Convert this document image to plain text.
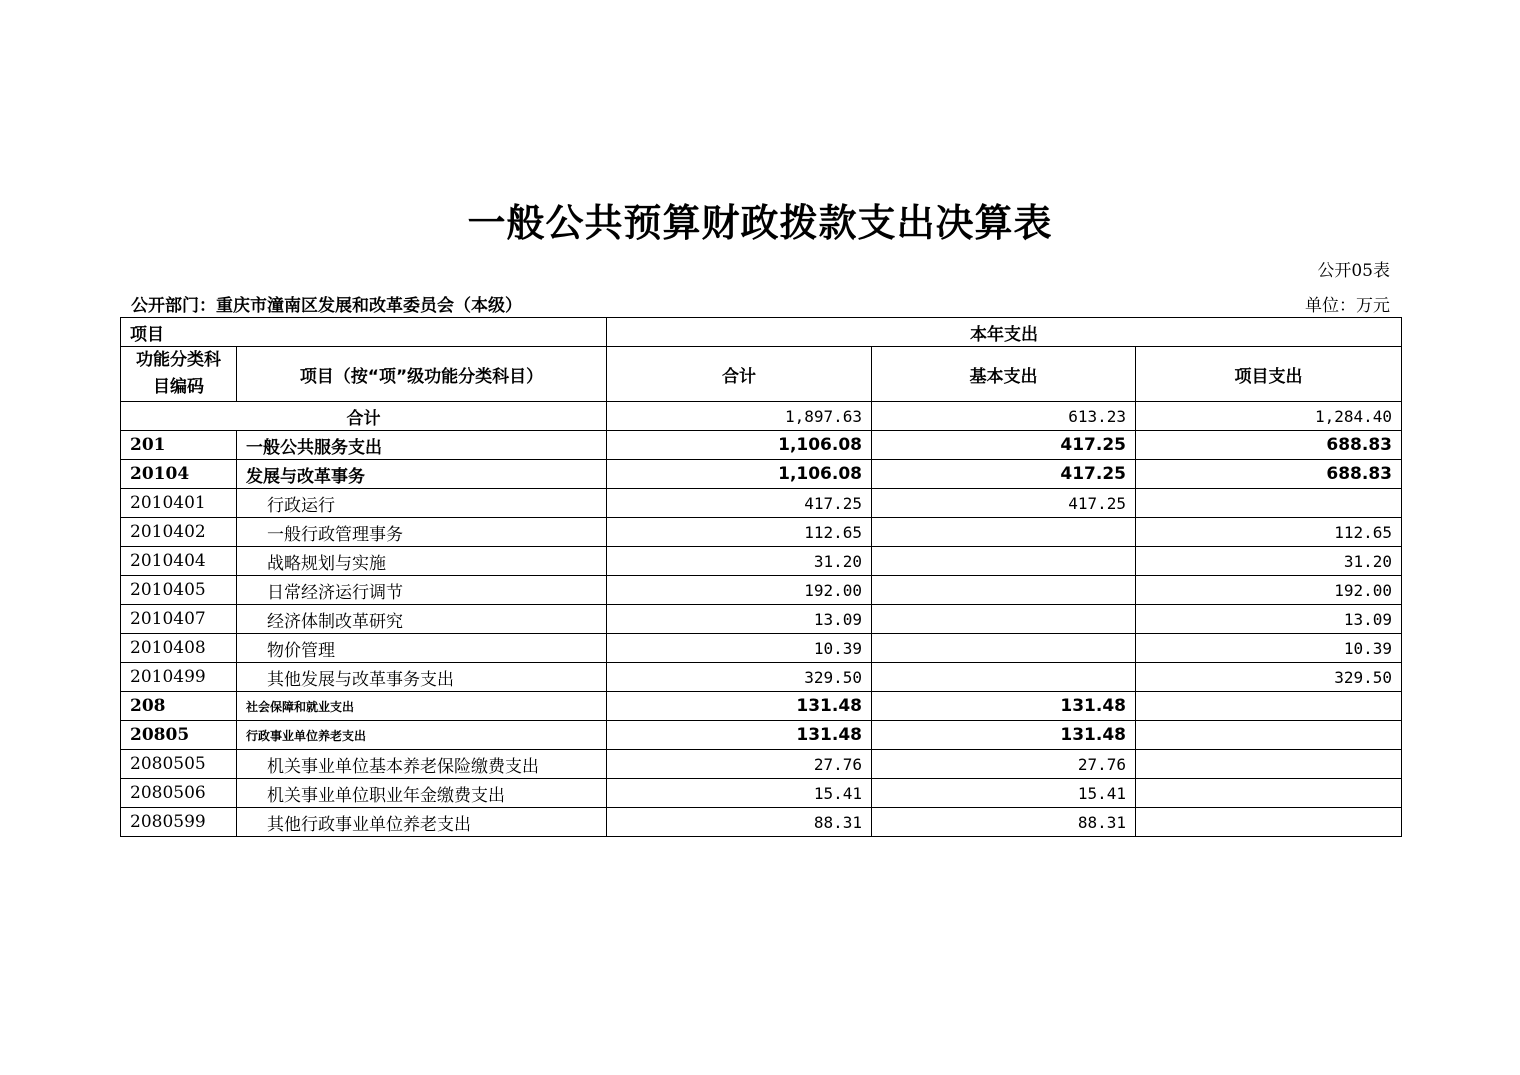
一般公共预算财政拨款支出决算表
公开05表
公开部门：重庆市潼南区发展和改革委员会（本级）	单位：万元
项目		本年支出		
功能分类科目编码	项目（按“项”级功能分类科目）	合计	基本支出	项目支出
合计		1,897.63	613.23	1,284.40
201	一般公共服务支出	1,106.08	417.25	688.83
20104	发展与改革事务	1,106.08	417.25	688.83
2010401	行政运行	417.25	417.25	
2010402	一般行政管理事务	112.65		112.65
2010404	战略规划与实施	31.20		31.20
2010405	日常经济运行调节	192.00		192.00
2010407	经济体制改革研究	13.09		13.09
2010408	物价管理	10.39		10.39
2010499	其他发展与改革事务支出	329.50		329.50
208	社会保障和就业支出	131.48	131.48	
20805	行政事业单位养老支出	131.48	131.48	
2080505	机关事业单位基本养老保险缴费支出	27.76	27.76	
2080506	机关事业单位职业年金缴费支出	15.41	15.41	
2080599	其他行政事业单位养老支出	88.31	88.31	
